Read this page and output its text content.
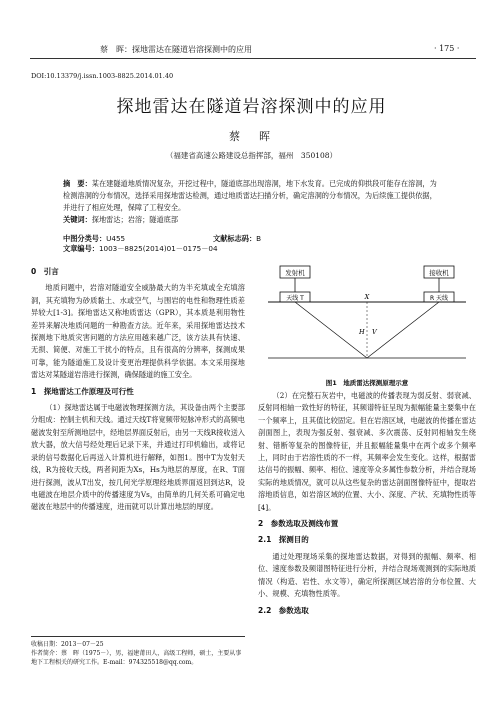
蔡　晖：探地雷达在隧道岩溶探测中的应用	· 175 ·
DOI:10.13379/j.issn.1003-8825.2014.01.40
探地雷达在隧道岩溶探测中的应用
蔡　晖
（福建省高速公路建设总指挥部，福州　350108）
摘　要：某在建隧道地质情况复杂，开挖过程中，隧道底部出现溶洞，地下水发育。已完成的仰拱段可能存在溶洞，为检测溶洞的分布情况，选择采用探地雷达检测，通过地质雷达扫描分析，确定溶洞的分布情况，为后续施工提供依据，并进行了相应处理，保障了工程安全。
关键词：探地雷达；岩溶；隧道底部
中图分类号：U455	文献标志码：B文章编号：1003－8825(2014)01－0175－04
0　引言

地质问题中，岩溶对隧道安全威胁最大的为半充填或全充填溶洞，其充填物为砂质黏土、水或空气，与围岩的电性和物理性质差异较大[1-3]。探地雷达又称地质雷达（GPR），其本质是利用物性差异来解决地质问题的一种勘查方法。近年来，采用探地雷达技术探测地下地质灾害问题的方法应用越来越广泛，该方法具有快速、无损、简便、对施工干扰小的特点，且有很高的分辨率，探测成果可靠，能为隧道施工及设计变更治理提供科学依据。本文采用探地雷达对某隧道岩溶进行探测，确保隧道的施工安全。

1　探地雷达工作原理及可行性

（1）探地雷达属于电磁波物理探测方法，其设备由两个主要部分组成：控制主机和天线。通过天线T将宽频带短脉冲形式的高频电磁波发射至所测地层中，经地层界面反射后，由另一天线R接收送入放大器，放大信号经处理后记录下来，并通过打印机输出，或将记录的信号数据化后再送入计算机进行解释，如图1。图中T为发射天线，R为接收天线，两者间距为Xs，Hs为地层的厚度，在R、T面进行探测，波从T出发，按几何光学原理经地质界面返回到达R，设电磁波在地层介质中的传播速度为Vs，由简单的几何关系可确定电磁波在地层中的传播速度，进而就可以计算出地层的厚度。

收稿日期：2013－07－25
作者简介：蔡　晖（1975－），男，福建莆田人，高级工程师，硕士，主要从事地下工程相关的研究工作。E-mail：974325518@qq.com。
发射机	接收机
天线 T	R 天线
X
H V
图1　地质雷达探测原理示意

（2）在完整石灰岩中，电磁波的传播表现为弱反射、弱衰减、反射同相轴一致性好的特征，其频谱特征呈现为振幅能量主要集中在一个频率上，且其值比较固定。但在岩溶区域，电磁波的传播在雷达剖面图上，表现为强反射、强衰减、多次震荡、反射同相轴发生绕射、错断等复杂的图像特征，并且振幅能量集中在两个或多个频率上，同时由于岩溶性质的不一样，其频率会发生变化。这样，根据雷达信号的振幅、频率、相位、速度等众多属性参数分析，并结合现场实际的地质情况，就可以从这些复杂的雷达剖面图像特征中，提取岩溶地质信息，如岩溶区域的位置、大小、深度、产状、充填物性质等[4]。

2　参数选取及测线布置
2.1　探测目的

通过处理现场采集的探地雷达数据，对得到的振幅、频率、相位、速度参数及频谱图特征进行分析，并结合现场观测到的实际地质情况（构造、岩性、水文等），确定所探测区域岩溶的分布位置、大小、规模、充填物性质等。

2.2　参数选取
